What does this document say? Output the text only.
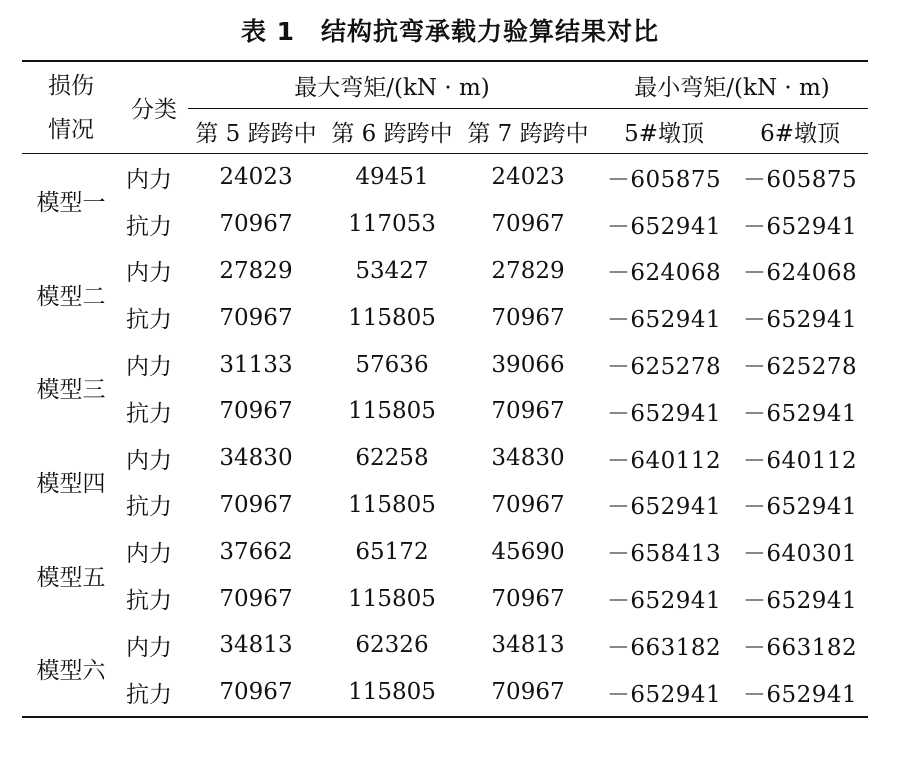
表 1 结构抗弯承载力验算结果对比
损伤
情况	分类	最大弯矩/(kN · m)			最小弯矩/(kN · m)	
		第 5 跨跨中	第 6 跨跨中	第 7 跨跨中	5#墩顶	6#墩顶
模型一	内力	24023	49451	24023	－605875	－605875
	抗力	70967	117053	70967	－652941	－652941
模型二	内力	27829	53427	27829	－624068	－624068
	抗力	70967	115805	70967	－652941	－652941
模型三	内力	31133	57636	39066	－625278	－625278
	抗力	70967	115805	70967	－652941	－652941
模型四	内力	34830	62258	34830	－640112	－640112
	抗力	70967	115805	70967	－652941	－652941
模型五	内力	37662	65172	45690	－658413	－640301
	抗力	70967	115805	70967	－652941	－652941
模型六	内力	34813	62326	34813	－663182	－663182
	抗力	70967	115805	70967	－652941	－652941
